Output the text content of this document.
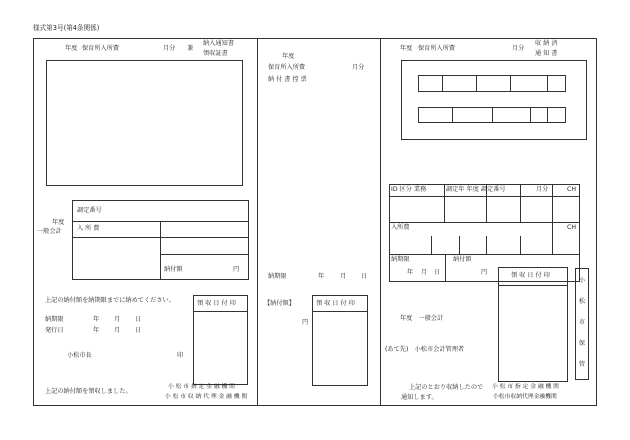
様式第3号(第4条関係)
年度 保育所入所費	月分 兼
納入通知書
領収証書
年度
一般会計
調定番号
入 所 費
納付額	円
上記の納付額を納期限までに納めてください。	領 収 日 付 印
納期限	年 月 日
発行日	年 月 日
小松市長	印
上記の納付額を領収しました。
小 松 市 指 定 金 融 機 関
小 松 市 収 納 代 理 金 融 機 関
年度
保育所入所費	月分
納 付 書 控 票
納期限	年	月 日
【納付額】
円
領 収 日 付 印
年度 保育所入所費	月分
収 納 済
通 知 書
ID 区分 業務	調定年 年度 調定番号	月分	CH
入所費	CH
納期限	納付額
年 月 日	円	領 収 日 付 印
小
松
市
保
管
年度　一般会計
(あて先)　小松市会計管理者
上記のとおり収納したので
通知します。
小 松 市 指 定 金 融 機 関
小松市収納代理金融機関
